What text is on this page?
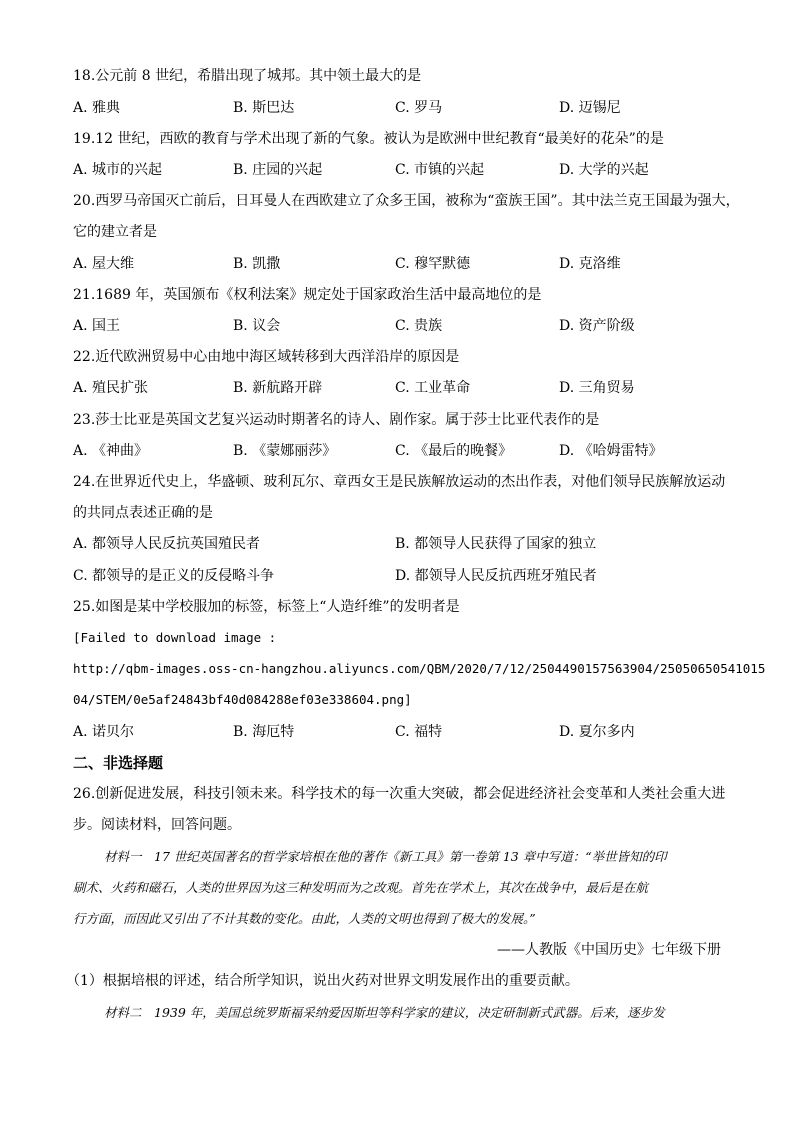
18.公元前 8 世纪，希腊出现了城邦。其中领土最大的是
A. 雅典	B. 斯巴达	C. 罗马	D. 迈锡尼
19.12 世纪，西欧的教育与学术出现了新的气象。被认为是欧洲中世纪教育“最美好的花朵”的是
A. 城市的兴起	B. 庄园的兴起	C. 市镇的兴起	D. 大学的兴起
20.西罗马帝国灭亡前后，日耳曼人在西欧建立了众多王国，被称为“蛮族王国”。其中法兰克王国最为强大，
它的建立者是
A. 屋大维	B. 凯撒	C. 穆罕默德	D. 克洛维
21.1689 年，英国颁布《权利法案》规定处于国家政治生活中最高地位的是
A. 国王	B. 议会	C. 贵族	D. 资产阶级
22.近代欧洲贸易中心由地中海区域转移到大西洋沿岸的原因是
A. 殖民扩张	B. 新航路开辟	C. 工业革命	D. 三角贸易
23.莎士比亚是英国文艺复兴运动时期著名的诗人、剧作家。属于莎士比亚代表作的是
A. 《神曲》	B. 《蒙娜丽莎》	C. 《最后的晚餐》	D. 《哈姆雷特》
24.在世界近代史上，华盛顿、玻利瓦尔、章西女王是民族解放运动的杰出作表，对他们领导民族解放运动
的共同点表述正确的是
A. 都领导人民反抗英国殖民者	B. 都领导人民获得了国家的独立
C. 都领导的是正义的反侵略斗争	D. 都领导人民反抗西班牙殖民者
25.如图是某中学校服加的标签，标签上“人造纤维”的发明者是
[Failed to download image :
http://qbm-images.oss-cn-hangzhou.aliyuncs.com/QBM/2020/7/12/2504490157563904/25050650541015
04/STEM/0e5af24843bf40d084288ef03e338604.png]
A. 诺贝尔	B. 海厄特	C. 福特	D. 夏尔多内
二、非选择题
26.创新促进发展，科技引领未来。科学技术的每一次重大突破，都会促进经济社会变革和人类社会重大进
步。阅读材料，回答问题。
材料一　17 世纪英国著名的哲学家培根在他的著作《新工具》第一卷第 13 章中写道：“举世皆知的印
刷术、火药和磁石，人类的世界因为这三种发明而为之改观。首先在学术上，其次在战争中，最后是在航
行方面，而因此又引出了不计其数的变化。由此，人类的文明也得到了极大的发展。”
——人教版《中国历史》七年级下册
（1）根据培根的评述，结合所学知识，说出火药对世界文明发展作出的重要贡献。
材料二　1939 年，美国总统罗斯福采纳爱因斯坦等科学家的建议，决定研制新式武器。后来，逐步发
